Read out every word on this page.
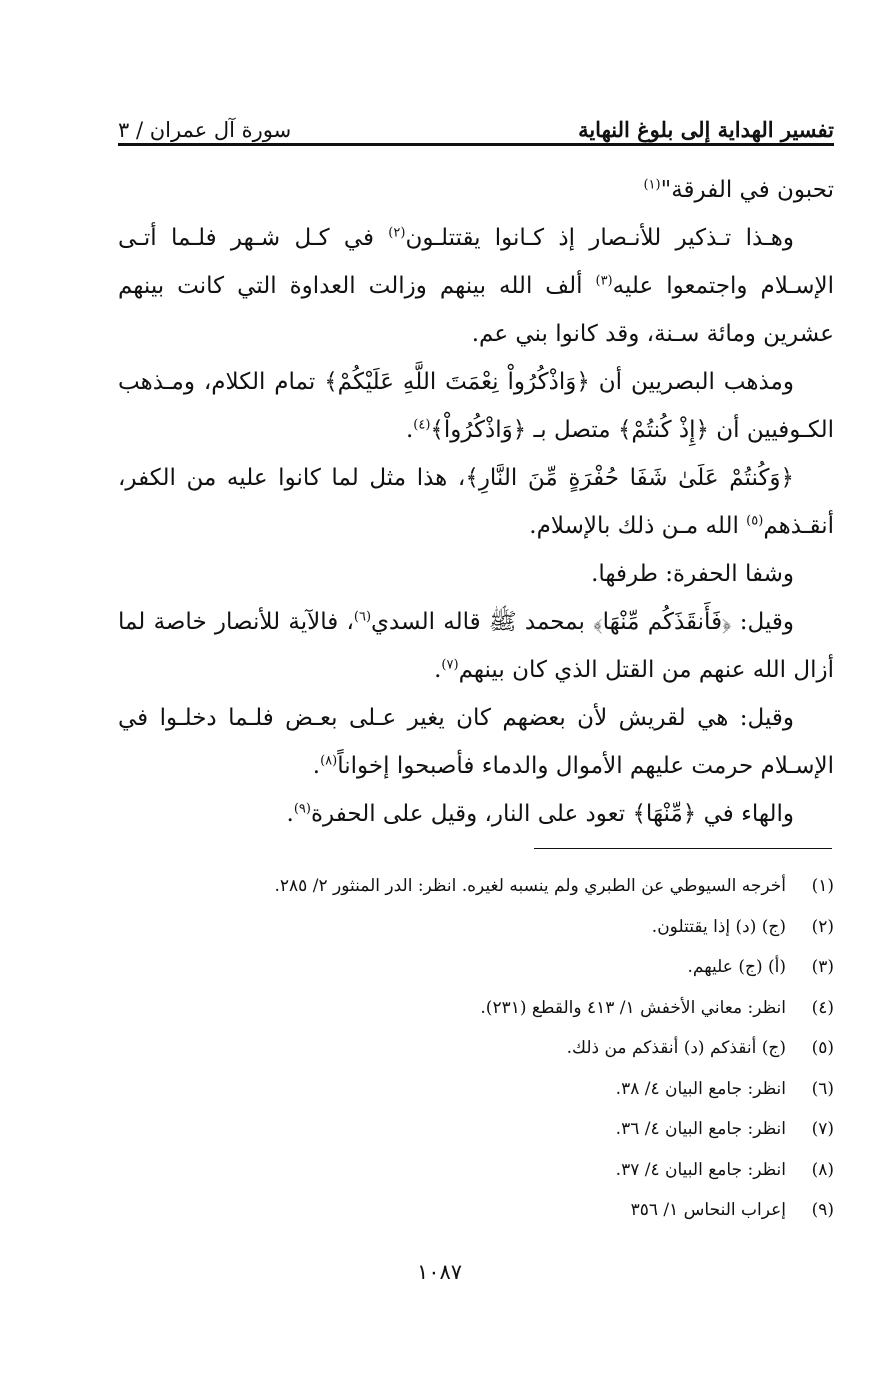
تفسير الهداية إلى بلوغ النهاية
سورة آل عمران / ٣

تحبون في الفرقة"$^{(١)}$

وهـذا تـذكير للأنـصار إذ كـانوا يقتتلـون$^{(٢)}$ في كـل شـهر فلـما أتـى الإسـلام واجتمعوا عليه$^{(٣)}$ ألف الله بينهم وزالت العداوة التي كانت بينهم عشرين ومائة سـنة، وقد كانوا بني عم.

ومذهب البصريين أن ﴿وَاذْكُرُواْ نِعْمَتَ اللَّهِ عَلَيْكُمْ﴾ تمام الكلام، ومـذهب الكـوفيين أن ﴿إِذْ كُنتُمْ﴾ متصل بـ ﴿وَاذْكُرُواْ﴾$^{(٤)}$.

﴿وَكُنتُمْ عَلَىٰ شَفَا حُفْرَةٍ مِّنَ النَّارِ﴾، هذا مثل لما كانوا عليه من الكفر، أنقـذهم$^{(٥)}$ الله مـن ذلك بالإسلام.

وشفا الحفرة: طرفها.

وقيل: ﴿فَأَنقَذَكُم مِّنْهَا﴾ بمحمد ﷺ قاله السدي$^{(٦)}$، فالآية للأنصار خاصة لما أزال الله عنهم من القتل الذي كان بينهم$^{(٧)}$.

وقيل: هي لقريش لأن بعضهم كان يغير عـلى بعـض فلـما دخلـوا في الإسـلام حرمت عليهم الأموال والدماء فأصبحوا إخواناً$^{(٨)}$.

والهاء في ﴿مِّنْهَا﴾ تعود على النار، وقيل على الحفرة$^{(٩)}$.

(١)
أخرجه السيوطي عن الطبري ولم ينسبه لغيره. انظر: الدر المنثور ٢/ ٢٨٥.
(٢)
(ج) (د) إذا يقتتلون.
(٣)
(أ) (ج) عليهم.
(٤)
انظر: معاني الأخفش ١/ ٤١٣ والقطع (٢٣١).
(٥)
(ج) أنقذكم (د) أنقذكم من ذلك.
(٦)
انظر: جامع البيان ٤/ ٣٨.
(٧)
انظر: جامع البيان ٤/ ٣٦.
(٨)
انظر: جامع البيان ٤/ ٣٧.
(٩)
إعراب النحاس ١/ ٣٥٦
١٠٨٧
